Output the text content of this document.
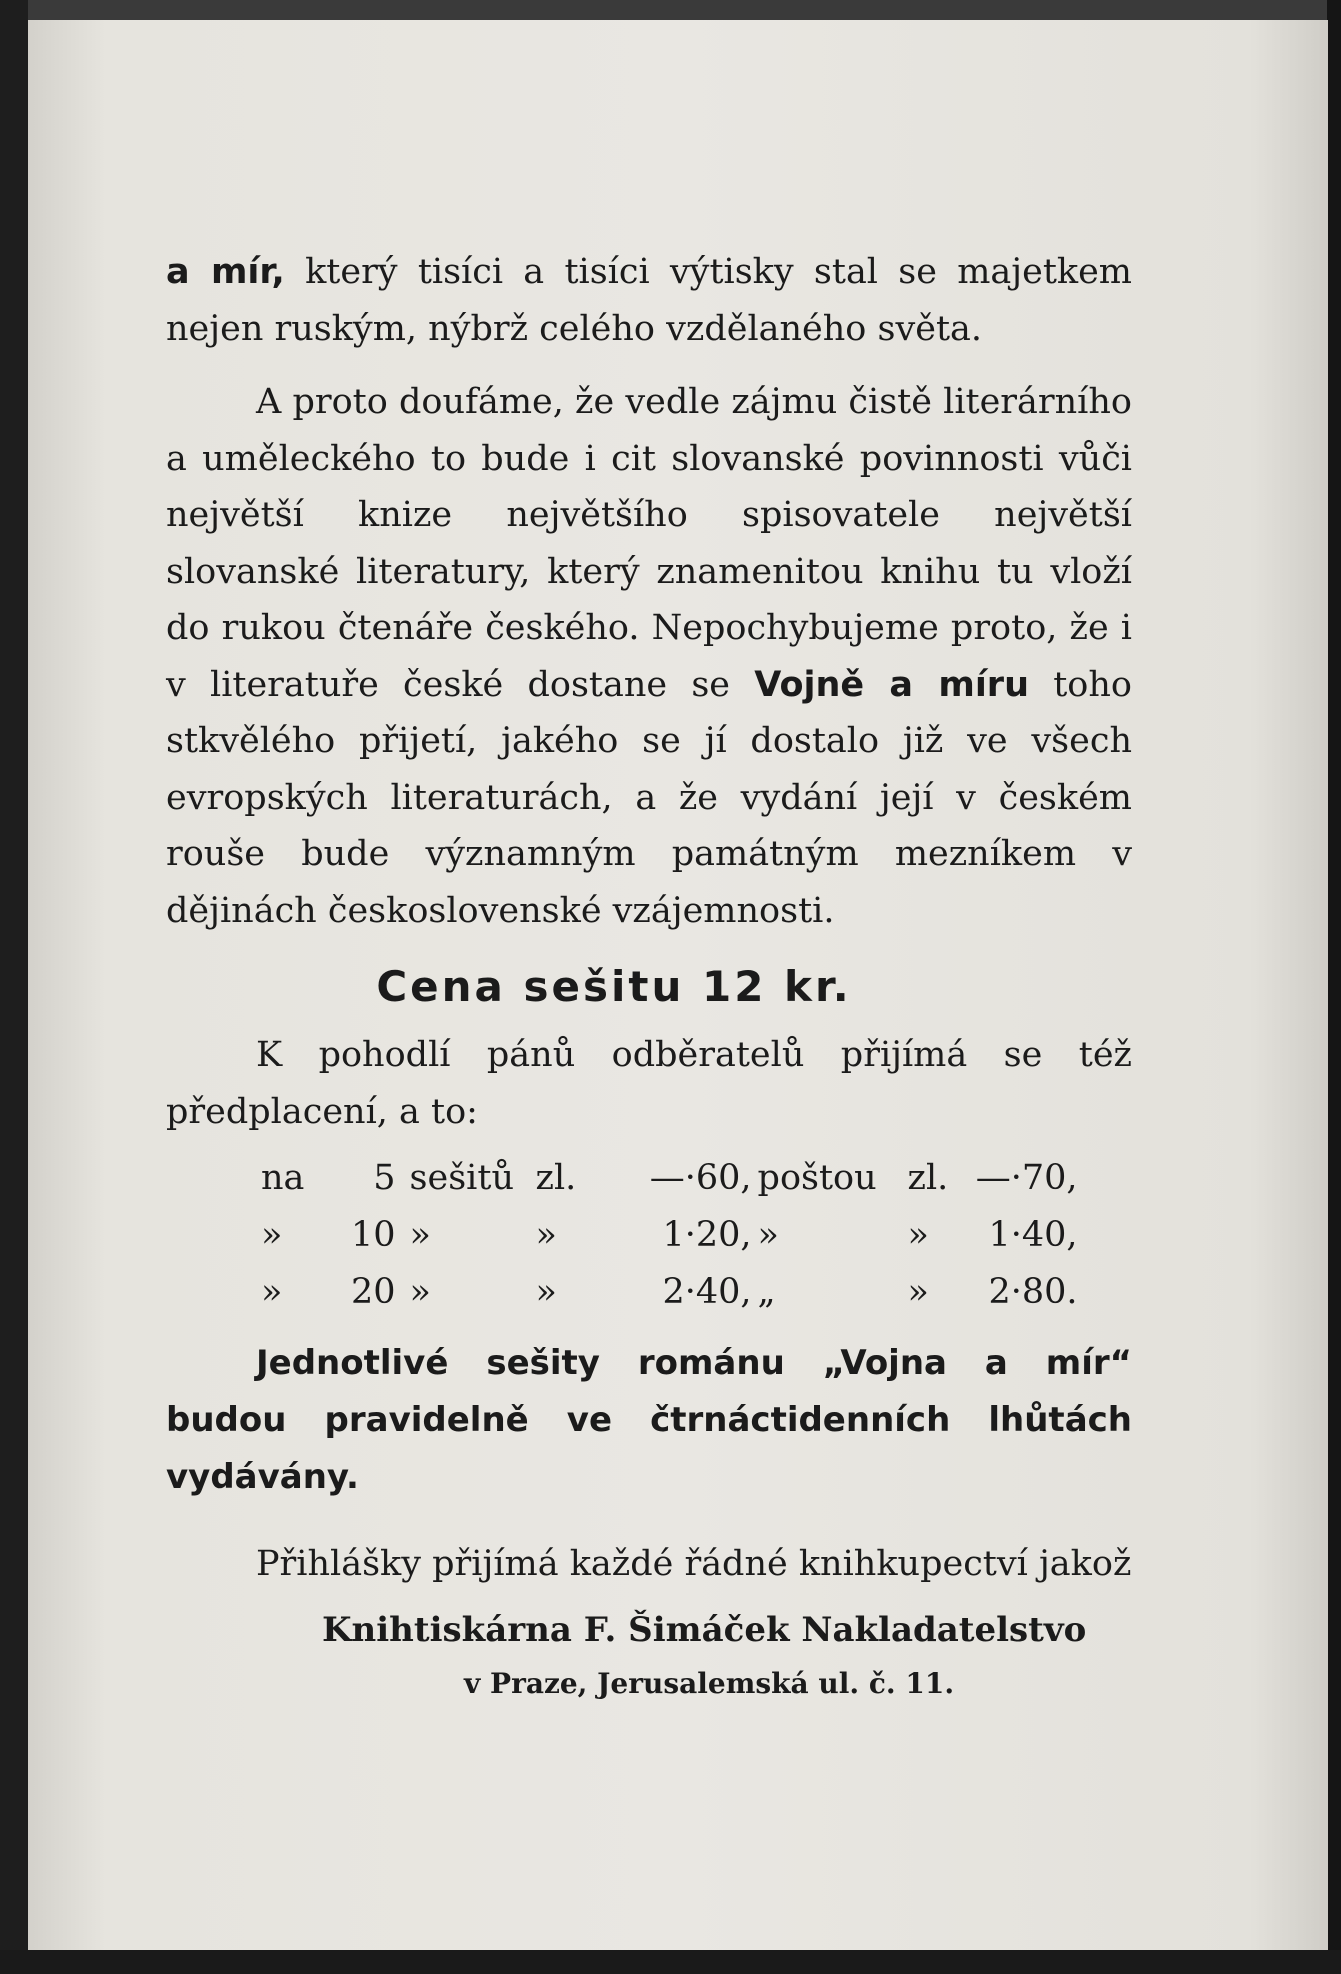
a mír, který tisíci a tisíci výtisky stal se majetkem nejen ruským, nýbrž celého vzdělaného světa.

A proto doufáme, že vedle zájmu čistě literárního a uměleckého to bude i cit slovanské povinnosti vůči největší knize největšího spisovatele největší slovanské literatury, který znamenitou knihu tu vloží do rukou čtenáře českého. Nepochybujeme proto, že i v literatuře české dostane se Vojně a míru toho stkvělého přijetí, jakého se jí dostalo již ve všech evropských literaturách, a že vydání její v českém rouše bude významným památným mezníkem v dějinách československé vzájemnosti.

Cena sešitu 12 kr.

K pohodlí pánů odběratelů přijímá se též předplacení, a to:

na	5	sešitů	zl.	—·60,	poštou	zl.	—·70,
»	10	»	»	1·20,	»	»	1·40,
»	20	»	»	2·40,	„	»	2·80.

Jednotlivé sešity románu „Vojna a mír“ budou pravidelně ve čtrnáctidenních lhůtách vydávány.

Přihlášky přijímá každé řádné knihkupectví jakož

Knihtiskárna F. Šimáček Nakladatelstvo

v Praze, Jerusalemská ul. č. 11.
